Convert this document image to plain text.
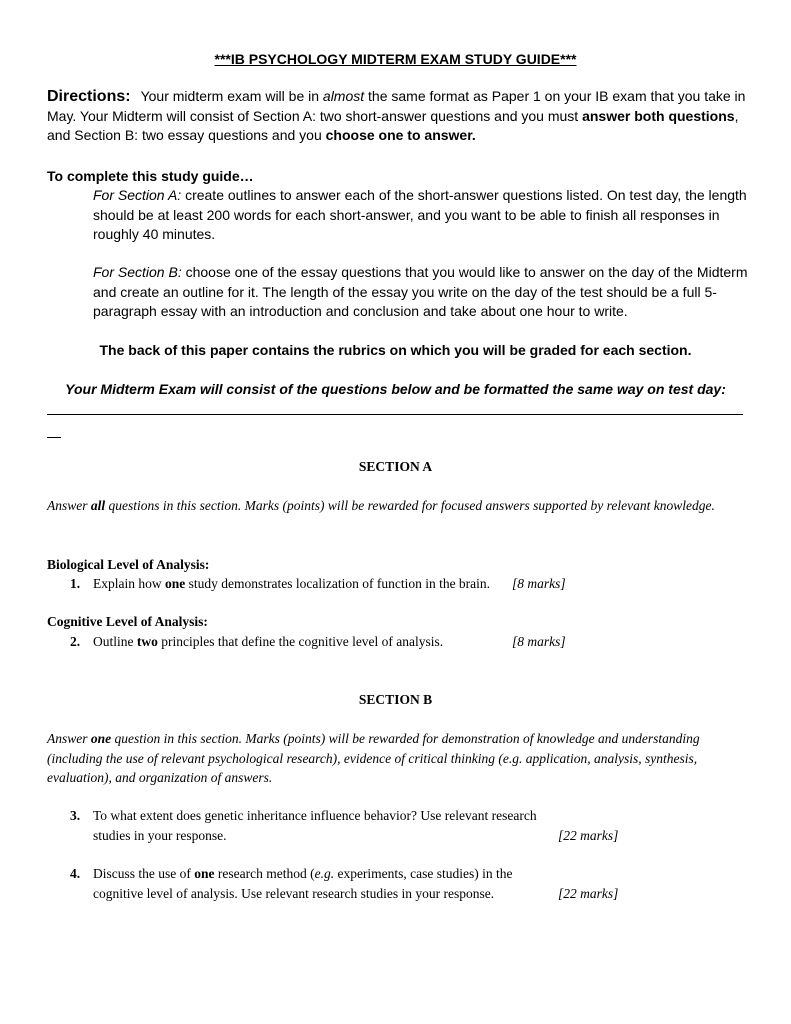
***IB PSYCHOLOGY MIDTERM EXAM STUDY GUIDE***

Directions: Your midterm exam will be in almost the same format as Paper 1 on your IB exam that you take in May. Your Midterm will consist of Section A: two short-answer questions and you must answer both questions, and Section B: two essay questions and you choose one to answer.

To complete this study guide…

For Section A: create outlines to answer each of the short-answer questions listed. On test day, the length should be at least 200 words for each short-answer, and you want to be able to finish all responses in roughly 40 minutes.

For Section B: choose one of the essay questions that you would like to answer on the day of the Midterm and create an outline for it. The length of the essay you write on the day of the test should be a full 5-paragraph essay with an introduction and conclusion and take about one hour to write.

The back of this paper contains the rubrics on which you will be graded for each section.
Your Midterm Exam will consist of the questions below and be formatted the same way on test day:
SECTION A

Answer all questions in this section. Marks (points) will be rewarded for focused answers supported by relevant knowledge.

Biological Level of Analysis:
1. Explain how one study demonstrates localization of function in the brain.	[8 marks]
Cognitive Level of Analysis:
2. Outline two principles that define the cognitive level of analysis.	[8 marks]
SECTION B

Answer one question in this section. Marks (points) will be rewarded for demonstration of knowledge and understanding (including the use of relevant psychological research), evidence of critical thinking (e.g. application, analysis, synthesis, evaluation), and organization of answers.

3. To what extent does genetic inheritance influence behavior? Use relevant research studies in your response.	[22 marks]
4. Discuss the use of one research method (e.g. experiments, case studies) in the cognitive level of analysis. Use relevant research studies in your response.	[22 marks]
